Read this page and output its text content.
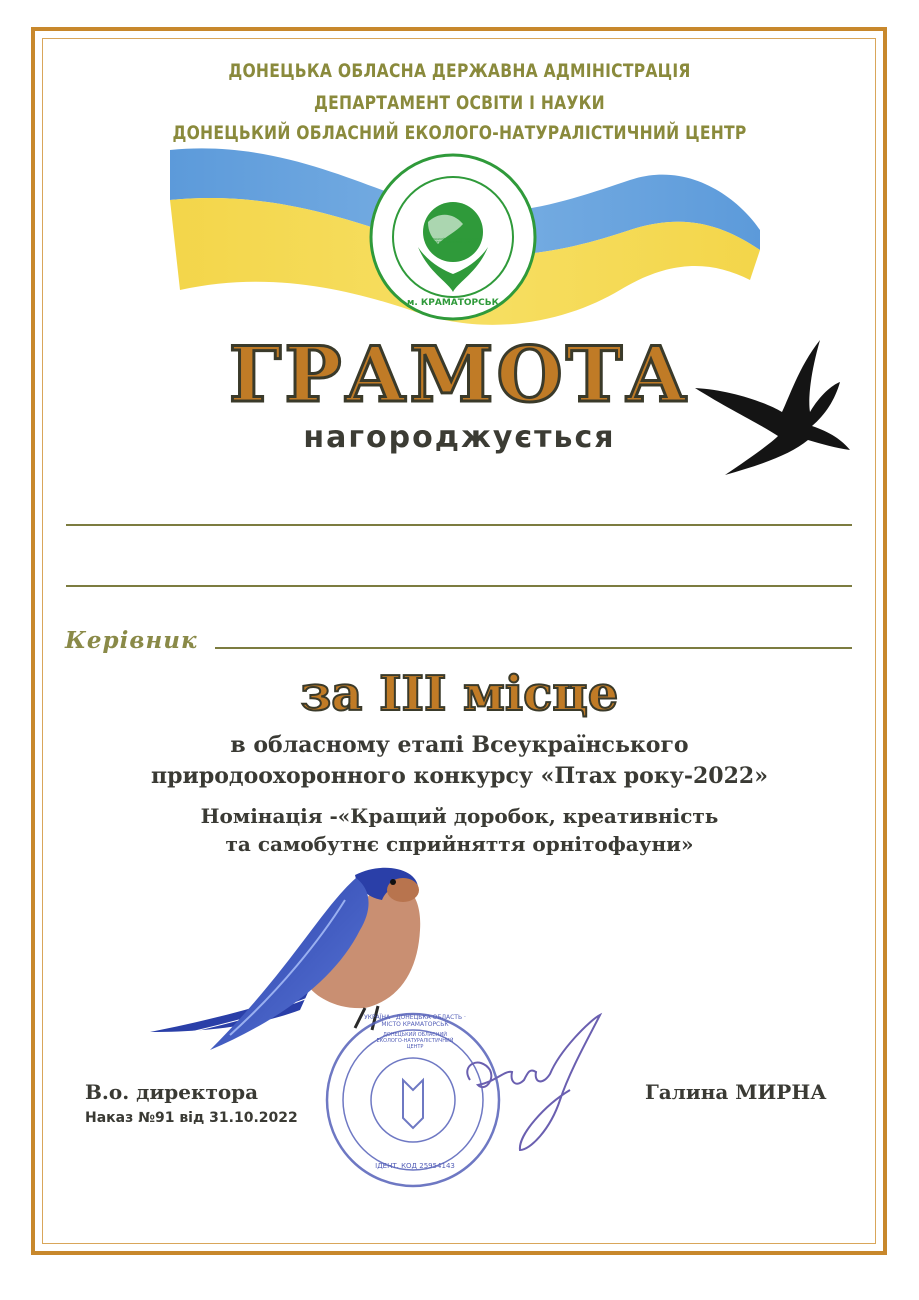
ДОНЕЦЬКА ОБЛАСНА ДЕРЖАВНА АДМІНІСТРАЦІЯ
ДЕПАРТАМЕНТ ОСВІТИ І НАУКИ
ДОНЕЦЬКИЙ ОБЛАСНИЙ ЕКОЛОГО-НАТУРАЛІСТИЧНИЙ ЦЕНТР
ДОНЕЦЬКИЙ ОБЛАСНИЙ ЕКОЛОГО-НАТУРАЛІСТИЧНИЙ ЦЕНТР
м. КРАМАТОРСЬК
ГРАМОТА
нагороджується
Керівник
за ІІІ місце
в обласному етапі Всеукраїнського
природоохоронного конкурсу «Птах року-2022»
Номінація -«Кращий доробок, креативність
та самобутнє сприйняття орнітофауни»
УКРАЇНА · ДОНЕЦЬКА ОБЛАСТЬ · МІСТО КРАМАТОРСЬК
ДОНЕЦЬКИЙ ОБЛАСНИЙ ЕКОЛОГО-НАТУРАЛІСТИЧНИЙ ЦЕНТР
ІДЕНТ. КОД 25954143
В.о. директора
Наказ №91 від 31.10.2022
Галина МИРНА
